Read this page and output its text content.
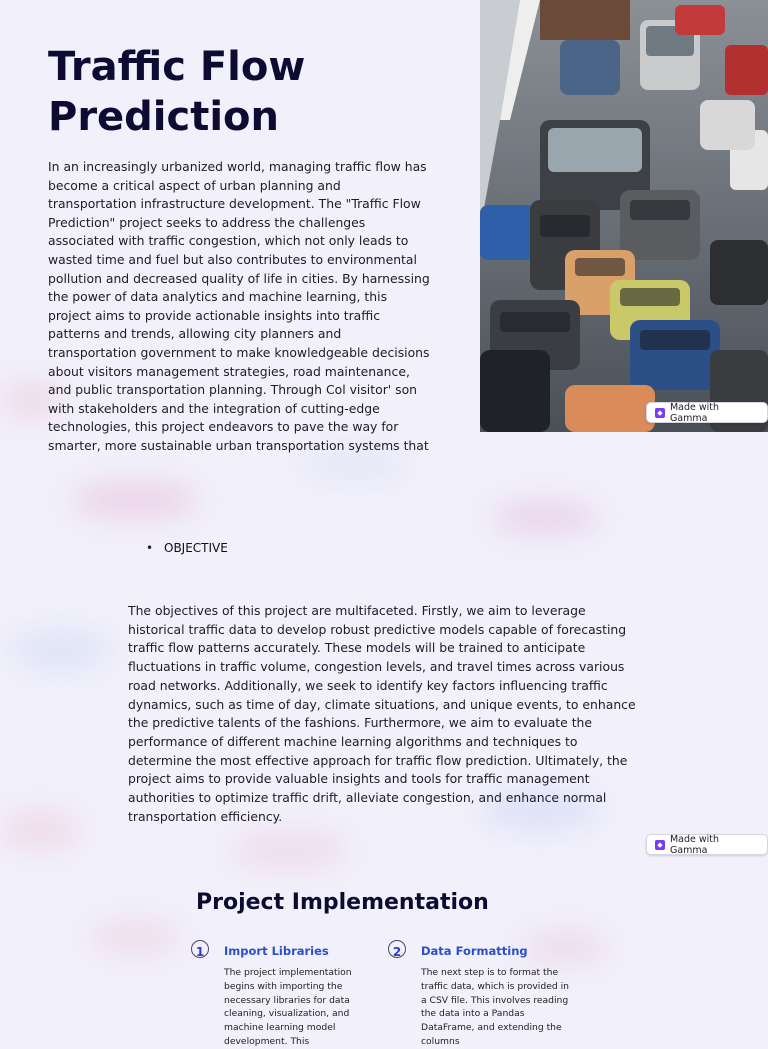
Traffic Flow Prediction

In an increasingly urbanized world, managing traffic flow has become a critical aspect of urban planning and transportation infrastructure development. The "Traffic Flow Prediction" project seeks to address the challenges associated with traffic congestion, which not only leads to wasted time and fuel but also contributes to environmental pollution and decreased quality of life in cities. By harnessing the power of data analytics and machine learning, this project aims to provide actionable insights into traffic patterns and trends, allowing city planners and transportation government to make knowledgeable decisions about visitors management strategies, road maintenance, and public transportation planning. Through Col visitor' son with stakeholders and the integration of cutting-edge technologies, this project endeavors to pave the way for smarter, more sustainable urban transportation systems that

◆ Made with Gamma
• OBJECTIVE

The objectives of this project are multifaceted. Firstly, we aim to leverage historical traffic data to develop robust predictive models capable of forecasting traffic flow patterns accurately. These models will be trained to anticipate fluctuations in traffic volume, congestion levels, and travel times across various road networks. Additionally, we seek to identify key factors influencing traffic dynamics, such as time of day, climate situations, and unique events, to enhance the predictive talents of the fashions. Furthermore, we aim to evaluate the performance of different machine learning algorithms and techniques to determine the most effective approach for traffic flow prediction. Ultimately, the project aims to provide valuable insights and tools for traffic management authorities to optimize traffic drift, alleviate congestion, and enhance normal transportation efficiency.

◆ Made with Gamma
Project Implementation
1	Import Libraries

The project implementation begins with importing the necessary libraries for data cleaning, visualization, and machine learning model development. This

2	Data Formatting

The next step is to format the traffic data, which is provided in a CSV file. This involves reading the data into a Pandas DataFrame, and extending the columns
